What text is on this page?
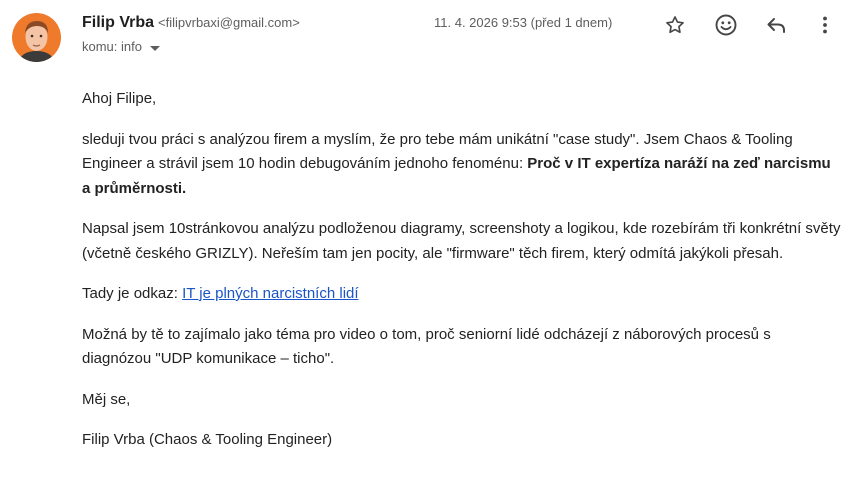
Filip Vrba <filipvrbaxi@gmail.com>
komu: info
11. 4. 2026 9:53 (před 1 dnem)

Ahoj Filipe,

sleduji tvou práci s analýzou firem a myslím, že pro tebe mám unikátní "case study". Jsem Chaos & Tooling Engineer a strávil jsem 10 hodin debugováním jednoho fenoménu: Proč v IT expertíza naráží na zeď narcismu a průměrnosti.

Napsal jsem 10stránkovou analýzu podloženou diagramy, screenshoty a logikou, kde rozebírám tři konkrétní světy (včetně českého GRIZLY). Neřeším tam jen pocity, ale "firmware" těch firem, který odmítá jakýkoli přesah.

Tady je odkaz: IT je plných narcistních lidí

Možná by tě to zajímalo jako téma pro video o tom, proč seniorní lidé odcházejí z náborových procesů s diagnózou "UDP komunikace – ticho".

Měj se,

Filip Vrba (Chaos & Tooling Engineer)
